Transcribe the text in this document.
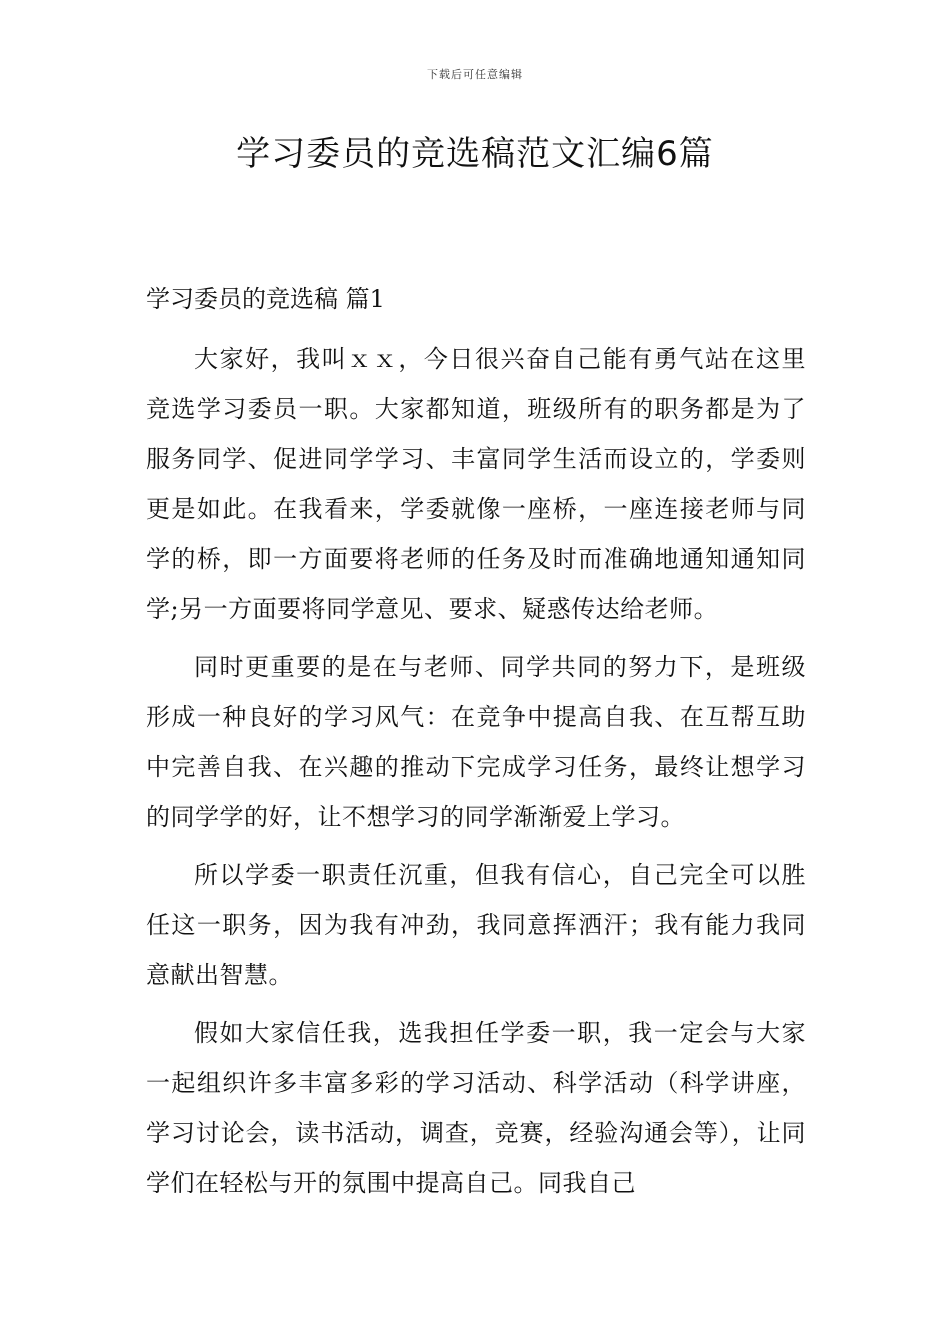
下载后可任意编辑
学习委员的竞选稿范文汇编6篇
学习委员的竞选稿 篇1

大家好，我叫ｘｘ，今日很兴奋自己能有勇气站在这里竞选学习委员一职。大家都知道，班级所有的职务都是为了服务同学、促进同学学习、丰富同学生活而设立的，学委则更是如此。在我看来，学委就像一座桥，一座连接老师与同学的桥，即一方面要将老师的任务及时而准确地通知通知同学;另一方面要将同学意见、要求、疑惑传达给老师。

同时更重要的是在与老师、同学共同的努力下，是班级形成一种良好的学习风气：在竞争中提高自我、在互帮互助中完善自我、在兴趣的推动下完成学习任务，最终让想学习的同学学的好，让不想学习的同学渐渐爱上学习。

所以学委一职责任沉重，但我有信心，自己完全可以胜任这一职务，因为我有冲劲，我同意挥洒汗；我有能力我同意献出智慧。

假如大家信任我，选我担任学委一职，我一定会与大家一起组织许多丰富多彩的学习活动、科学活动（科学讲座，学习讨论会，读书活动，调查，竞赛，经验沟通会等），让同学们在轻松与开的氛围中提高自己。同我自己
